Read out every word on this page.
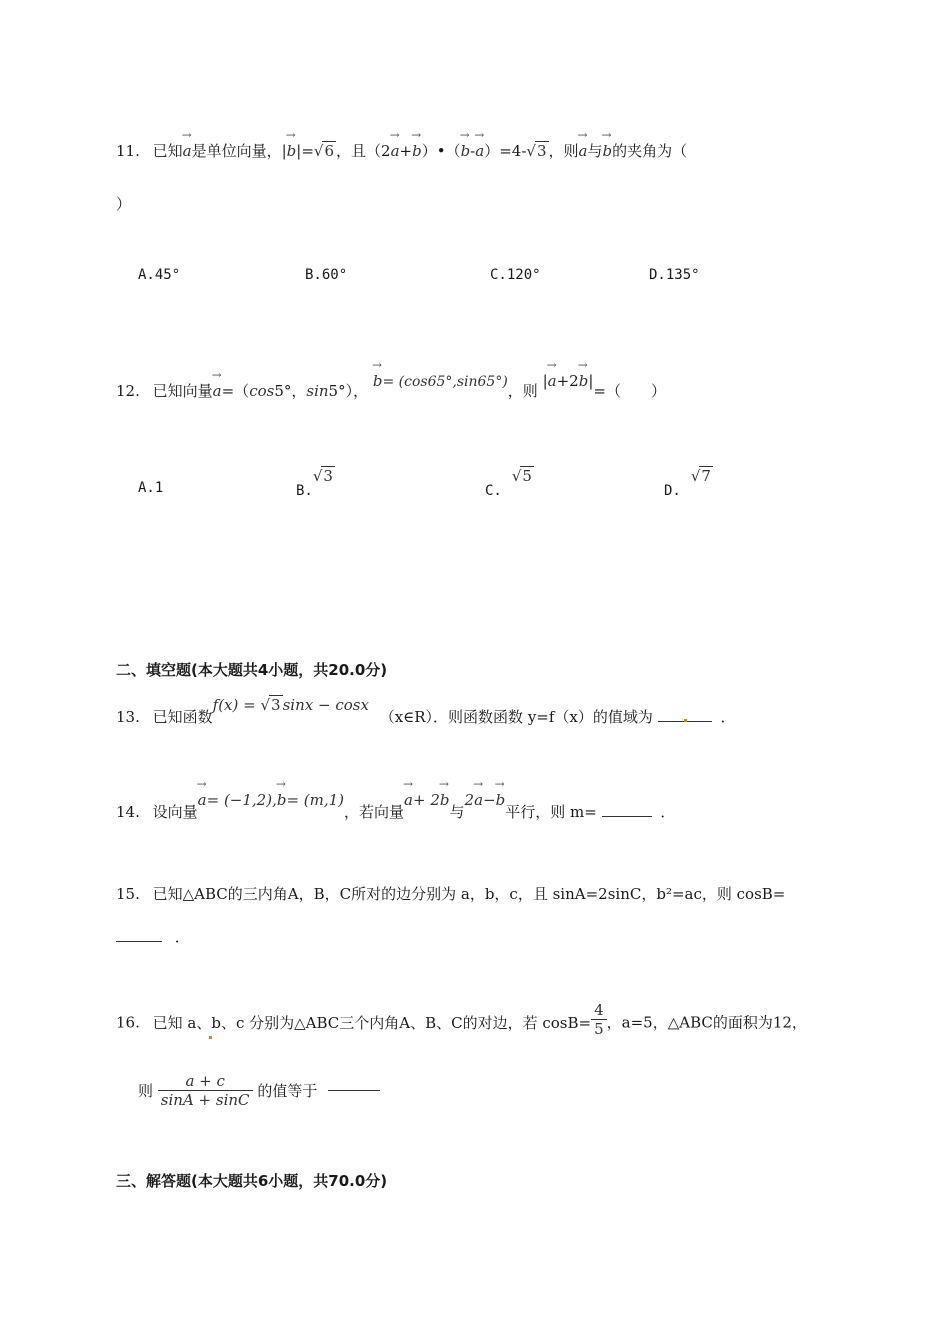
11. 已知→ a是单位向量，|→ b|=√6 ，且（2→ a+→ b）•（→ b-→ a）=4-√3 ，则→ a与→ b的夹角为（
）
A.45°	B.60°	C.120°	D.135°
12. 已知向量→ a=（cos5°，sin5°）， → b= (cos65°,sin65°)，则 |→ a+2→ b|=（　　）
A.1	B.√3
C.√5
D.√7
二、填空题(本大题共4小题，共20.0分)
13. 已知函数f(x) = √3 sinx − cosx （x∈R）．则函数函数 y=f（x）的值域为	．
14. 设向量→ a= (−1,2),→ b= (m,1)，若向量→ a+ 2→ b与2→ a−→ b平行，则 m=	．
15. 已知△ABC的三内角A，B，C所对的边分别为 a，b，c，且 sinA=2sinC，b²=ac，则 cosB=
．
16. 已知 a、b、c 分别为△ABC三个内角A、B、C的对边，若 $\cos B= \frac{4}{5}$ ，a=5，△ABC的面积为12，
则 $\frac{a + c}{\sin A + \sin C}$ 的值等于
三、解答题(本大题共6小题，共70.0分)
